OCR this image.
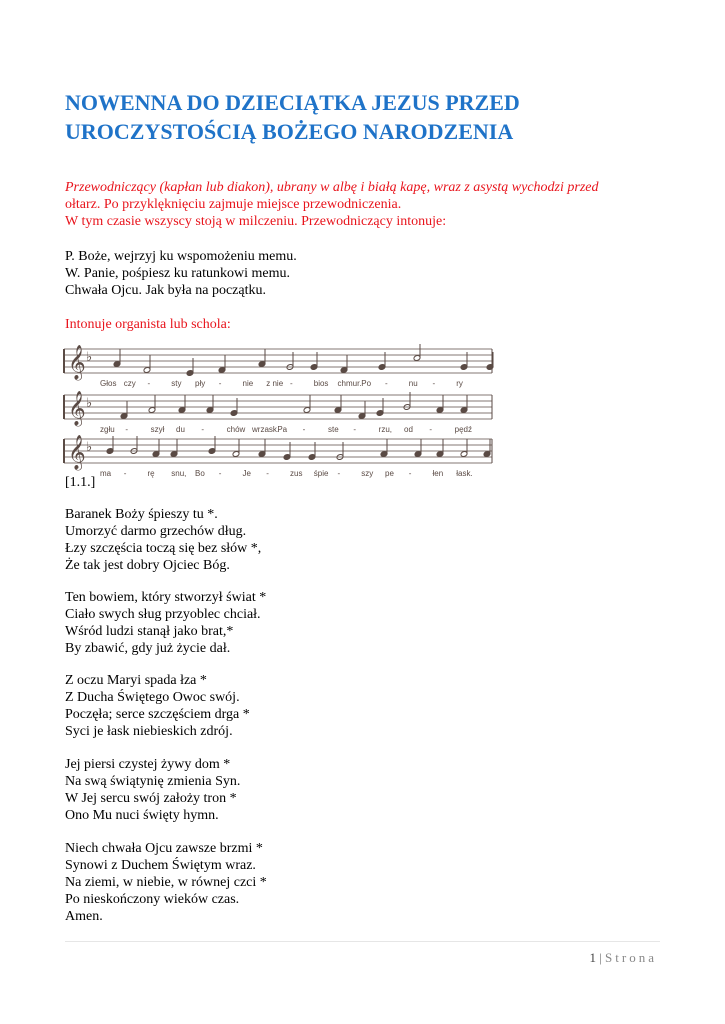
NOWENNA DO DZIECIĄTKA JEZUS PRZED
UROCZYSTOŚCIĄ BOŻEGO NARODZENIA
Przewodniczący (kapłan lub diakon), ubrany w albę i białą kapę, wraz z asystą wychodzi przed
ołtarz. Po przyklęknięciu zajmuje miejsce przewodniczenia.
W tym czasie wszyscy stoją w milczeniu. Przewodniczący intonuje:
P. Boże, wejrzyj ku wspomożeniu memu.
W. Panie, pośpiesz ku ratunkowi memu.
Chwała Ojcu. Jak była na początku.
Intonuje organista lub schola:
𝄞 ♭
Głos czy -	sty pły -	nie z nie -	bios chmur. Po -	nu -	ry
𝄞 ♭
zgłu -	szył du -	chów wrzask.
Pa -	ste -	rzu, od -	pędź
𝄞 ♭
ma -	rę snu, Bo -	Je -	zus śpie -	szy pe -	łen łask.
[1.1.]
Baranek Boży śpieszy tu *.
Umorzyć darmo grzechów dług.
Łzy szczęścia toczą się bez słów *,
Że tak jest dobry Ojciec Bóg.
Ten bowiem, który stworzył świat *
Ciało swych sług przyoblec chciał.
Wśród ludzi stanął jako brat,*
By zbawić, gdy już życie dał.
Z oczu Maryi spada łza *
Z Ducha Świętego Owoc swój.
Poczęła; serce szczęściem drga *
Syci je łask niebieskich zdrój.
Jej piersi czystej żywy dom *
Na swą świątynię zmienia Syn.
W Jej sercu swój założy tron *
Ono Mu nuci święty hymn.
Niech chwała Ojcu zawsze brzmi *
Synowi z Duchem Świętym wraz.
Na ziemi, w niebie, w równej czci *
Po nieskończony wieków czas.
Amen.
1 | Strona
